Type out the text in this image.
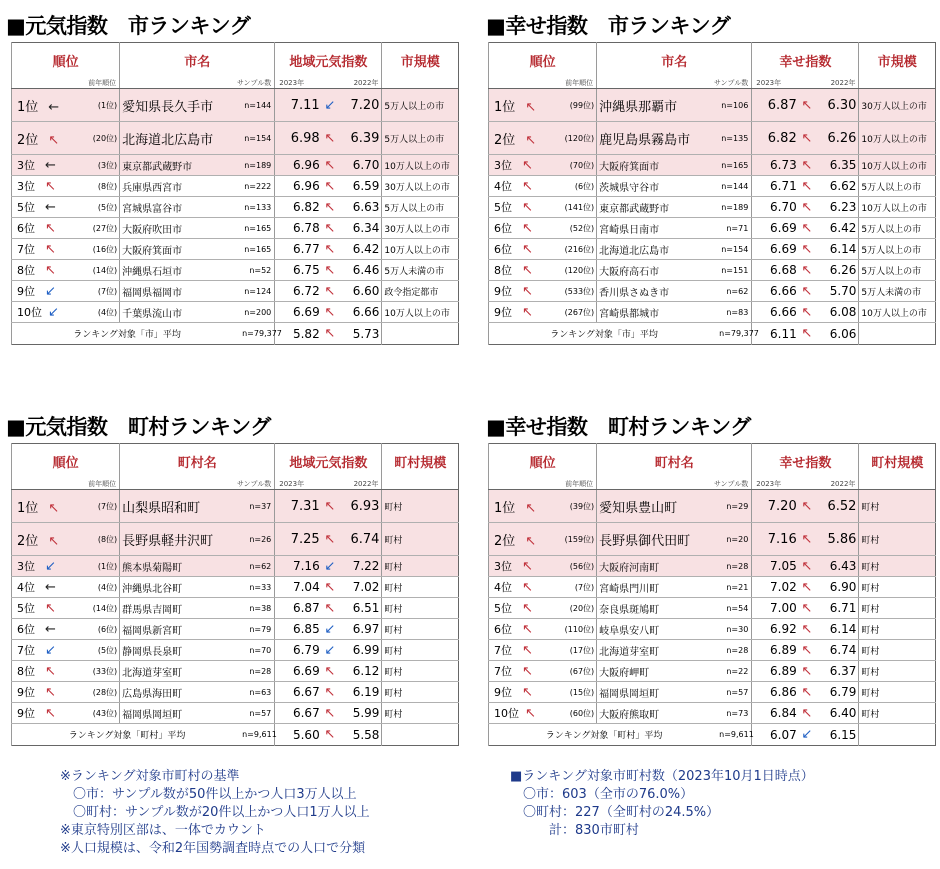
■元気指数　市ランキング
順位		市名		地域元気指数			市規模
前年順位		サンプル数		2023年	2022年		
1位 ←	(1位)	愛知県長久手市	n=144	7.11	↙	7.20	5万人以上の市
2位 ↖	(20位)	北海道北広島市	n=154	6.98	↖	6.39	5万人以上の市
3位 ←	(3位)	東京都武蔵野市	n=189	6.96	↖	6.70	10万人以上の市
3位 ↖	(8位)	兵庫県西宮市	n=222	6.96	↖	6.59	30万人以上の市
5位 ←	(5位)	宮城県富谷市	n=133	6.82	↖	6.63	5万人以上の市
6位 ↖	(27位)	大阪府吹田市	n=165	6.78	↖	6.34	30万人以上の市
7位 ↖	(16位)	大阪府箕面市	n=165	6.77	↖	6.42	10万人以上の市
8位 ↖	(14位)	沖縄県石垣市	n=52	6.75	↖	6.46	5万人未満の市
9位 ↙	(7位)	福岡県福岡市	n=124	6.72	↖	6.60	政令指定都市
10位 ↙	(4位)	千葉県流山市	n=200	6.69	↖	6.66	10万人以上の市
ランキング対象「市」平均			n=79,377	5.82	↖	5.73	
■幸せ指数　市ランキング
順位		市名		幸せ指数			市規模
前年順位		サンプル数		2023年	2022年		
1位 ↖	(99位)	沖縄県那覇市	n=106	6.87	↖	6.30	30万人以上の市
2位 ↖	(120位)	鹿児島県霧島市	n=135	6.82	↖	6.26	10万人以上の市
3位 ↖	(70位)	大阪府箕面市	n=165	6.73	↖	6.35	10万人以上の市
4位 ↖	(6位)	茨城県守谷市	n=144	6.71	↖	6.62	5万人以上の市
5位 ↖	(141位)	東京都武蔵野市	n=189	6.70	↖	6.23	10万人以上の市
6位 ↖	(52位)	宮崎県日南市	n=71	6.69	↖	6.42	5万人以上の市
6位 ↖	(216位)	北海道北広島市	n=154	6.69	↖	6.14	5万人以上の市
8位 ↖	(120位)	大阪府高石市	n=151	6.68	↖	6.26	5万人以上の市
9位 ↖	(533位)	香川県さぬき市	n=62	6.66	↖	5.70	5万人未満の市
9位 ↖	(267位)	宮崎県都城市	n=83	6.66	↖	6.08	10万人以上の市
ランキング対象「市」平均			n=79,377	6.11	↖	6.06	
■元気指数　町村ランキング
順位		町村名		地域元気指数			町村規模
前年順位		サンプル数		2023年	2022年		
1位 ↖	(7位)	山梨県昭和町	n=37	7.31	↖	6.93	町村
2位 ↖	(8位)	長野県軽井沢町	n=26	7.25	↖	6.74	町村
3位 ↙	(1位)	熊本県菊陽町	n=62	7.16	↙	7.22	町村
4位 ←	(4位)	沖縄県北谷町	n=33	7.04	↖	7.02	町村
5位 ↖	(14位)	群馬県吉岡町	n=38	6.87	↖	6.51	町村
6位 ←	(6位)	福岡県新宮町	n=79	6.85	↙	6.97	町村
7位 ↙	(5位)	静岡県長泉町	n=70	6.79	↙	6.99	町村
8位 ↖	(33位)	北海道芽室町	n=28	6.69	↖	6.12	町村
9位 ↖	(28位)	広島県海田町	n=63	6.67	↖	6.19	町村
9位 ↖	(43位)	福岡県岡垣町	n=57	6.67	↖	5.99	町村
ランキング対象「町村」平均			n=9,611	5.60	↖	5.58	
■幸せ指数　町村ランキング
順位		町村名		幸せ指数			町村規模
前年順位		サンプル数		2023年	2022年		
1位 ↖	(39位)	愛知県豊山町	n=29	7.20	↖	6.52	町村
2位 ↖	(159位)	長野県御代田町	n=20	7.16	↖	5.86	町村
3位 ↖	(56位)	大阪府河南町	n=28	7.05	↖	6.43	町村
4位 ↖	(7位)	宮崎県門川町	n=21	7.02	↖	6.90	町村
5位 ↖	(20位)	奈良県斑鳩町	n=54	7.00	↖	6.71	町村
6位 ↖	(110位)	岐阜県安八町	n=30	6.92	↖	6.14	町村
7位 ↖	(17位)	北海道芽室町	n=28	6.89	↖	6.74	町村
7位 ↖	(67位)	大阪府岬町	n=22	6.89	↖	6.37	町村
9位 ↖	(15位)	福岡県岡垣町	n=57	6.86	↖	6.79	町村
10位 ↖	(60位)	大阪府熊取町	n=73	6.84	↖	6.40	町村
ランキング対象「町村」平均			n=9,611	6.07	↙	6.15	
※ランキング対象市町村の基準
　〇市：サンプル数が50件以上かつ人口3万人以上
　〇町村：サンプル数が20件以上かつ人口1万人以上
※東京特別区部は、一体でカウント
※人口規模は、令和2年国勢調査時点での人口で分類
■ランキング対象市町村数（2023年10月1日時点）
　〇市：603（全市の76.0%）
　〇町村：227（全町村の24.5%）
　　　計：830市町村
